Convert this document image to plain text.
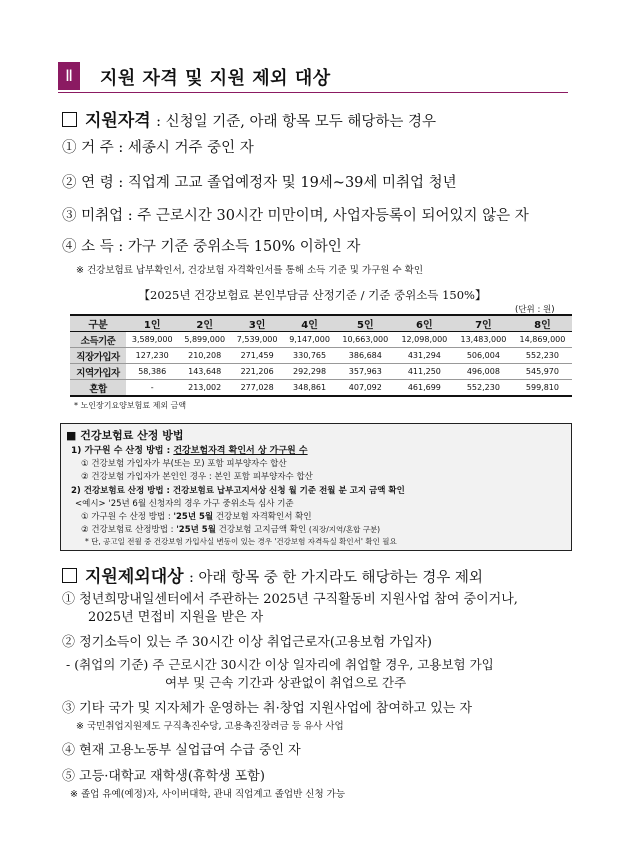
Ⅱ	지원 자격 및 지원 제외 대상
지원자격 : 신청일 기준, 아래 항목 모두 해당하는 경우
① 거 주 : 세종시 거주 중인 자
② 연 령 : 직업계 고교 졸업예정자 및 19세~39세 미취업 청년
③ 미취업 : 주 근로시간 30시간 미만이며, 사업자등록이 되어있지 않은 자
④ 소 득 : 가구 기준 중위소득 150% 이하인 자
※ 건강보험료 납부확인서, 건강보험 자격확인서를 통해 소득 기준 및 가구원 수 확인
【2025년 건강보험료 본인부담금 산정기준 / 기준 중위소득 150%】
(단위 : 원)
구분	1인	2인	3인	4인	5인	6인	7인	8인
소득기준	3,589,000	5,899,000	7,539,000	9,147,000	10,663,000	12,098,000	13,483,000	14,869,000
직장가입자	127,230	210,208	271,459	330,765	386,684	431,294	506,004	552,230
지역가입자	58,386	143,648	221,206	292,298	357,963	411,250	496,008	545,970
혼합	-	213,002	277,028	348,861	407,092	461,699	552,230	599,810
* 노인장기요양보험료 제외 금액
■ 건강보험료 산정 방법
1) 가구원 수 산정 방법 : 건강보험자격 확인서 상 가구원 수
① 건강보험 가입자가 부(또는 모) 포함 피부양자수 합산
② 건강보험 가입자가 본인인 경우 : 본인 포함 피부양자수 합산
2) 건강보험료 산정 방법 : 건강보험료 납부고지서상 신청 월 기준 전월 분 고지 금액 확인
<예시> '25년 6월 신청자의 경우 가구 중위소득 심사 기준
① 가구원 수 산정 방법 : '25년 5월 건강보험 자격확인서 확인
② 건강보험료 산정방법 : '25년 5월 건강보험 고지금액 확인 (직장/지역/혼합 구분)
* 단, 공고일 전월 중 건강보험 가입사실 변동이 있는 경우 '건강보험 자격득실 확인서' 확인 필요
지원제외대상 : 아래 항목 중 한 가지라도 해당하는 경우 제외
① 청년희망내일센터에서 주관하는 2025년 구직활동비 지원사업 참여 중이거나,
2025년 면접비 지원을 받은 자
② 정기소득이 있는 주 30시간 이상 취업근로자(고용보험 가입자)
- (취업의 기준) 주 근로시간 30시간 이상 일자리에 취업할 경우, 고용보험 가입
여부 및 근속 기간과 상관없이 취업으로 간주
③ 기타 국가 및 지자체가 운영하는 취·창업 지원사업에 참여하고 있는 자
※ 국민취업지원제도 구직촉진수당, 고용촉진장려금 등 유사 사업
④ 현재 고용노동부 실업급여 수급 중인 자
⑤ 고등·대학교 재학생(휴학생 포함)
※ 졸업 유예(예정)자, 사이버대학, 관내 직업계고 졸업반 신청 가능
